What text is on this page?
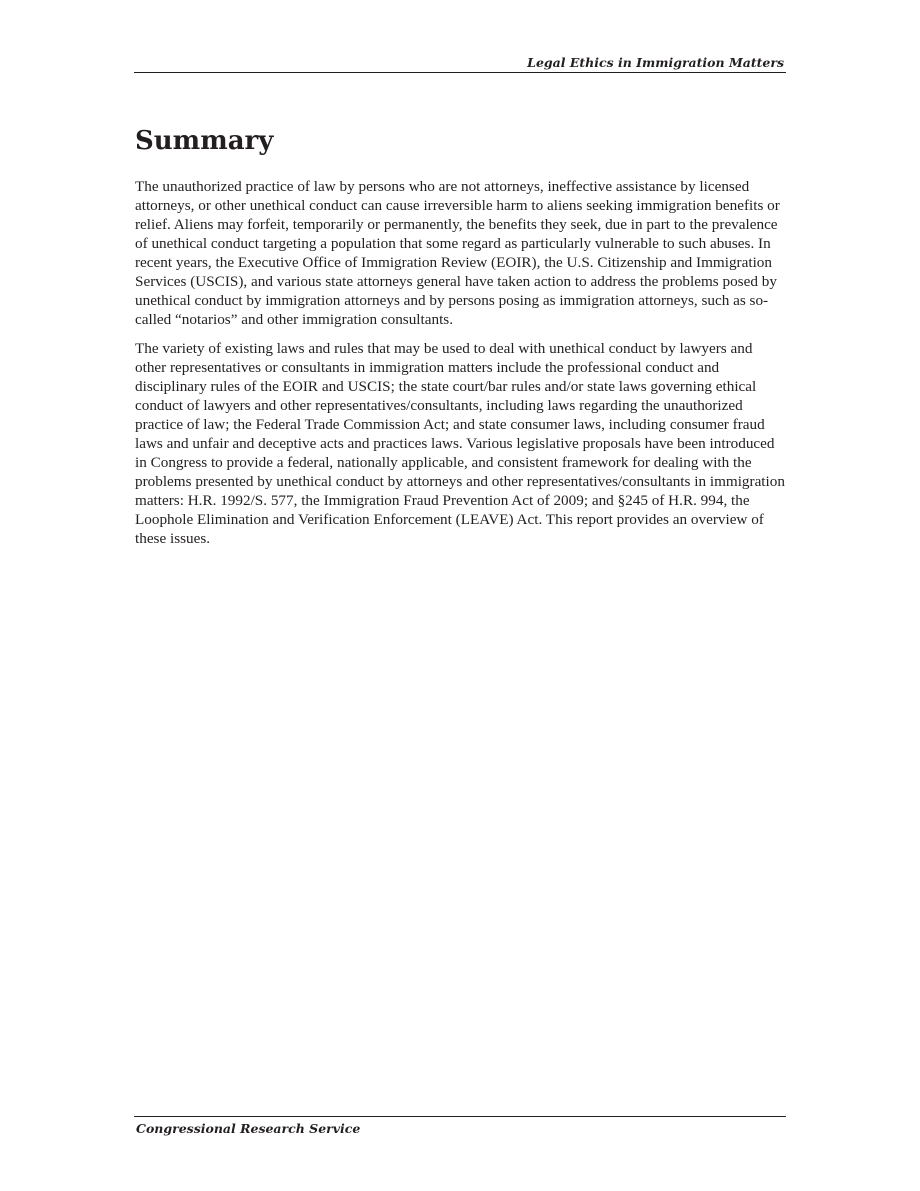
Legal Ethics in Immigration Matters
Summary

The unauthorized practice of law by persons who are not attorneys, ineffective assistance by licensed attorneys, or other unethical conduct can cause irreversible harm to aliens seeking immigration benefits or relief. Aliens may forfeit, temporarily or permanently, the benefits they seek, due in part to the prevalence of unethical conduct targeting a population that some regard as particularly vulnerable to such abuses. In recent years, the Executive Office of Immigration Review (EOIR), the U.S. Citizenship and Immigration Services (USCIS), and various state attorneys general have taken action to address the problems posed by unethical conduct by immigration attorneys and by persons posing as immigration attorneys, such as so-called “notarios” and other immigration consultants.

The variety of existing laws and rules that may be used to deal with unethical conduct by lawyers and other representatives or consultants in immigration matters include the professional conduct and disciplinary rules of the EOIR and USCIS; the state court/bar rules and/or state laws governing ethical conduct of lawyers and other representatives/consultants, including laws regarding the unauthorized practice of law; the Federal Trade Commission Act; and state consumer laws, including consumer fraud laws and unfair and deceptive acts and practices laws. Various legislative proposals have been introduced in Congress to provide a federal, nationally applicable, and consistent framework for dealing with the problems presented by unethical conduct by attorneys and other representatives/consultants in immigration matters: H.R. 1992/S. 577, the Immigration Fraud Prevention Act of 2009; and §245 of H.R. 994, the Loophole Elimination and Verification Enforcement (LEAVE) Act. This report provides an overview of these issues.

Congressional Research Service
